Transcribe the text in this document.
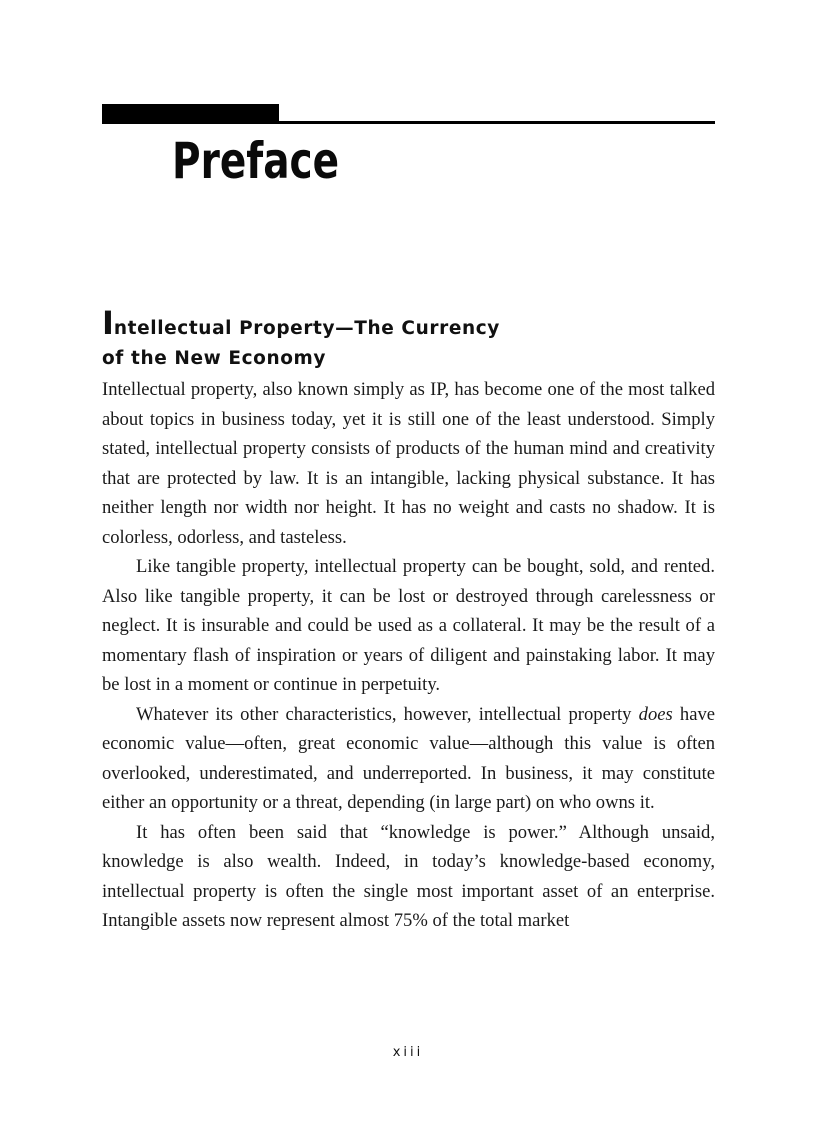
Preface
Intellectual Property—The Currency
of the New Economy

Intellectual property, also known simply as IP, has become one of the most talked about topics in business today, yet it is still one of the least understood. Simply stated, intellectual property consists of products of the human mind and creativity that are protected by law. It is an intangible, lacking physical substance. It has neither length nor width nor height. It has no weight and casts no shadow. It is colorless, odorless, and tasteless.

Like tangible property, intellectual property can be bought, sold, and rented. Also like tangible property, it can be lost or destroyed through carelessness or neglect. It is insurable and could be used as a collateral. It may be the result of a momentary flash of inspiration or years of diligent and painstaking labor. It may be lost in a moment or continue in perpetuity.

Whatever its other characteristics, however, intellectual property does have economic value—often, great economic value—although this value is often overlooked, underestimated, and underreported. In business, it may constitute either an opportunity or a threat, depending (in large part) on who owns it.

It has often been said that “knowledge is power.” Although unsaid, knowledge is also wealth. Indeed, in today’s knowledge-based economy, intellectual property is often the single most important asset of an enterprise. Intangible assets now represent almost 75% of the total market

xiii
